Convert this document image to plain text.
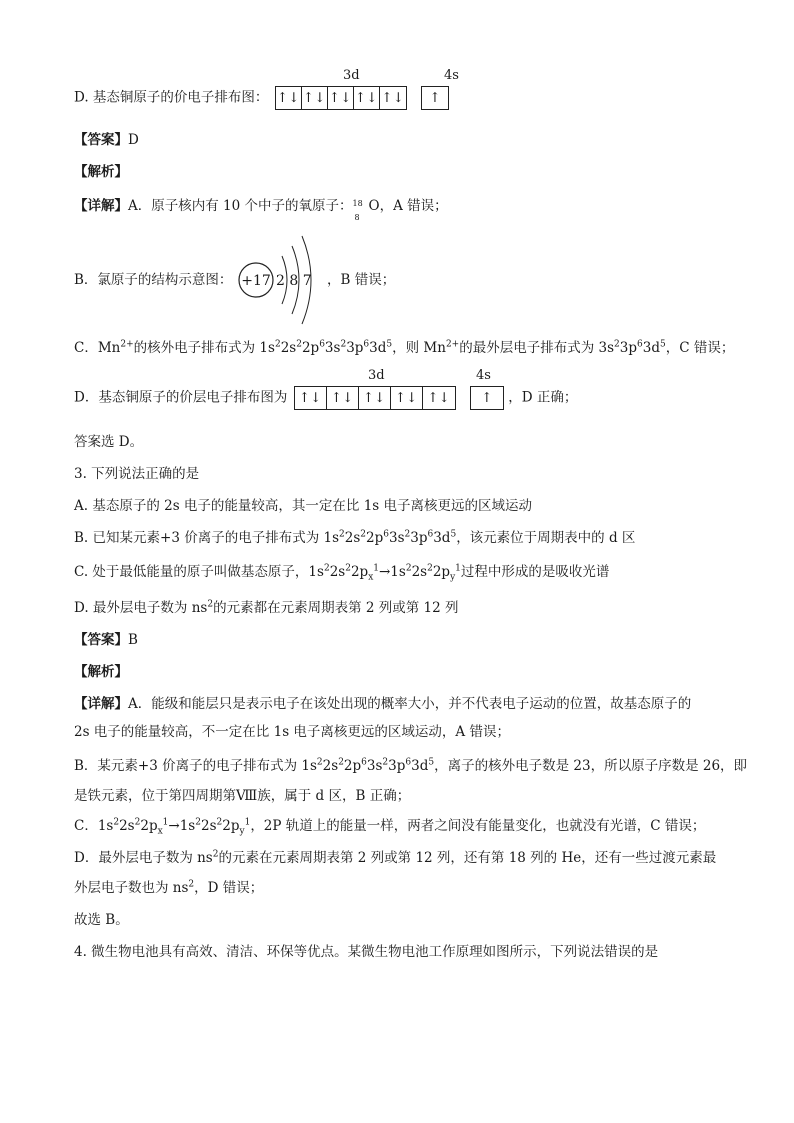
3d	4s
D. 基态铜原子的价电子排布图： ↑↓ ↑↓ ↑↓ ↑↓ ↑↓
	↑
【答案】D
【解析】
【详解】A．原子核内有 10 个中子的氧原子： 18
8
O，A 错误；
B．氯原子的结构示意图：	，B 错误；
+17 2 8 7
C．$Mn^{2+}$的核外电子排布式为 $1s^22s^22p^63s^23p^63d^5$，则 $Mn^{2+}$的最外层电子排布式为 $3s^23p^63d^5$，C 错误；
3d	4s
D．基态铜原子的价层电子排布图为 ↑↓ ↑↓ ↑↓ ↑↓ ↑↓
	↑	，D 正确；
答案选 D。
3. 下列说法正确的是
A. 基态原子的 2s 电子的能量较高，其一定在比 1s 电子离核更远的区域运动
B. 已知某元素+3 价离子的电子排布式为 $1s^22s^22p^63s^23p^63d^5$，该元素位于周期表中的 d 区
C. 处于最低能量的原子叫做基态原子，$1s^22s^22p_x^1\to 1s^22s^22p_y^1$过程中形成的是吸收光谱
D. 最外层电子数为 $ns^2$的元素都在元素周期表第 2 列或第 12 列
【答案】B
【解析】
【详解】A．能级和能层只是表示电子在该处出现的概率大小，并不代表电子运动的位置，故基态原子的
2s 电子的能量较高，不一定在比 1s 电子离核更远的区域运动，A 错误；
B．某元素+3 价离子的电子排布式为 $1s^22s^22p^63s^23p^63d^5$，离子的核外电子数是 23，所以原子序数是 26，即
是铁元素，位于第四周期第Ⅷ族，属于 d 区，B 正确；
C．$1s^22s^22p_x^1\to 1s^22s^22p_y^1$，2P 轨道上的能量一样，两者之间没有能量变化，也就没有光谱，C 错误；
D．最外层电子数为 $ns^2$的元素在元素周期表第 2 列或第 12 列，还有第 18 列的 He，还有一些过渡元素最
外层电子数也为 $ns^2$，D 错误；
故选 B。
4. 微生物电池具有高效、清洁、环保等优点。某微生物电池工作原理如图所示，下列说法错误的是
